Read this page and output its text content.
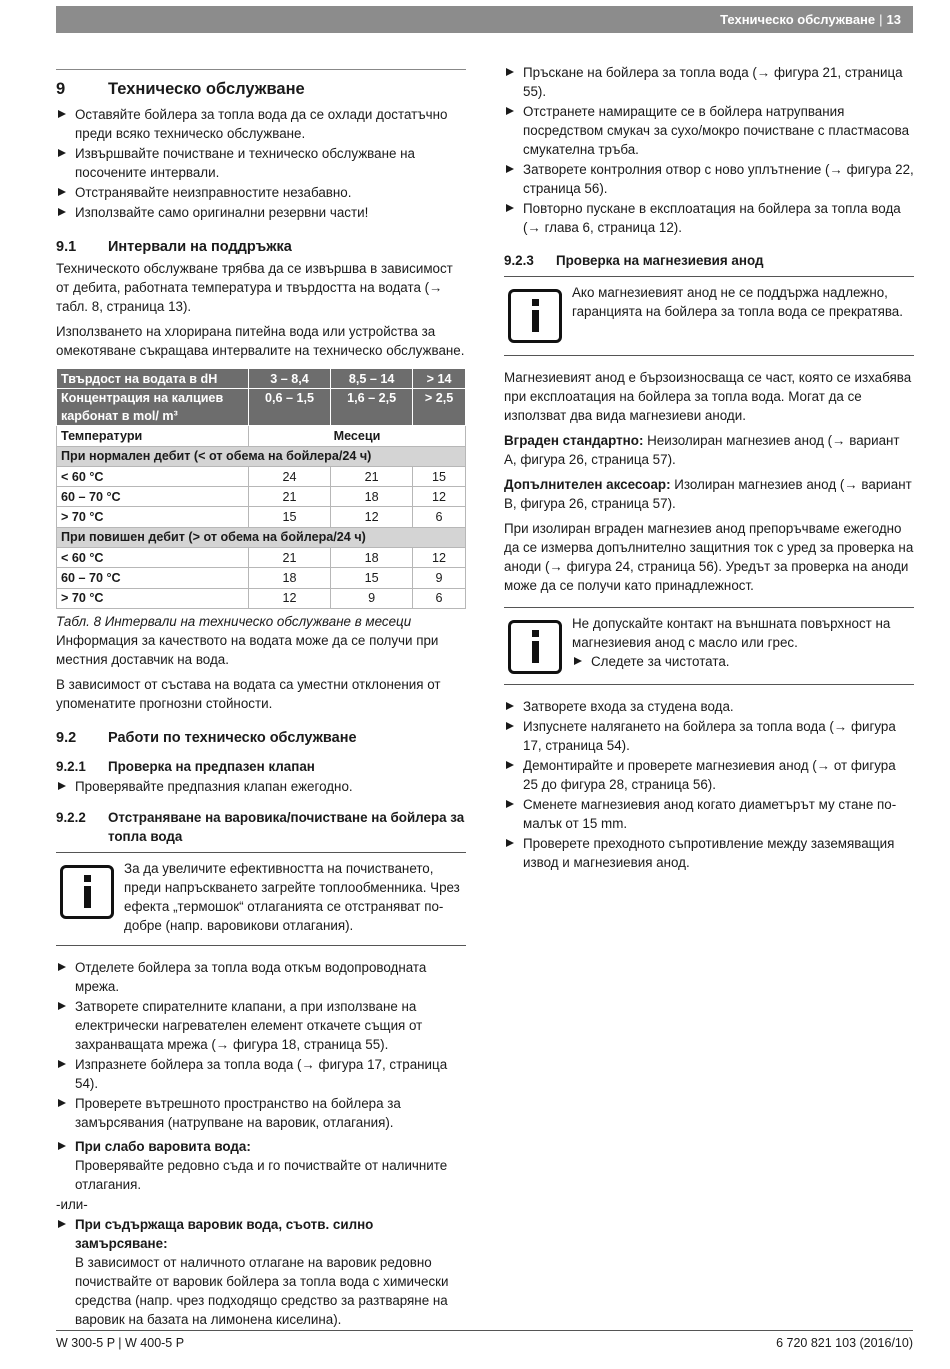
Техническо обслужване | 13
9	Техническо обслужване
Оставяйте бойлера за топла вода да се охлади достатъчно преди всяко техническо обслужване.
Извършвайте почистване и техническо обслужване на посочените интервали.
Отстранявайте неизправностите незабавно.
Използвайте само оригинални резервни части!
9.1	Интервали на поддръжка

Техническото обслужване трябва да се извършва в зависимост от дебита, работната температура и твърдостта на водата (→ табл. 8, страница 13).

Използването на хлорирана питейна вода или устройства за омекотяване съкращава интервалите на техническо обслужване.

Твърдост на водата в dH	3 – 8,4	8,5 – 14	> 14
Концентрация на калциев карбонат в mol/ m³	0,6 – 1,5	1,6 – 2,5	> 2,5
Температури	Месеци		
При нормален дебит (< от обема на бойлера/24 ч)			
< 60 °C	24	21	15
60 – 70 °C	21	18	12
> 70 °C	15	12	6
При повишен дебит (> от обема на бойлера/24 ч)			
< 60 °C	21	18	12
60 – 70 °C	18	15	9
> 70 °C	12	9	6

Табл. 8 Интервали на техническо обслужване в месеци

Информация за качеството на водата може да се получи при местния доставчик на вода.

В зависимост от състава на водата са уместни отклонения от упоменатите прогнозни стойности.

9.2	Работи по техническо обслужване
9.2.1	Проверка на предпазен клапан
Проверявайте предпазния клапан ежегодно.
9.2.2	Отстраняване на варовика/почистване на бойлера за топла вода
За да увеличите ефективността на почистването, преди напръскването загрейте топлообменника. Чрез ефекта „термошок“ отлаганията се отстраняват по-добре (напр. варовикови отлагания).
Отделете бойлера за топла вода откъм водопроводната мрежа.
Затворете спирателните клапани, а при използване на електрически нагревателен елемент откачете същия от захранващата мрежа (→ фигура 18, страница 55).
Изпразнете бойлера за топла вода (→ фигура 17, страница 54).
Проверете вътрешното пространство на бойлера за замърсявания (натрупване на варовик, отлагания).
При слабо варовита вода:
Проверявайте редовно съда и го почиствайте от наличните отлагания.

-или-

При съдържаща варовик вода, съотв. силно замърсяване:
В зависимост от наличното отлагане на варовик редовно почиствайте от варовик бойлера за топла вода с химически средства (напр. чрез подходящо средство за разтваряне на варовик на базата на лимонена киселина).
Пръскане на бойлера за топла вода (→ фигура 21, страница 55).
Отстранете намиращите се в бойлера натрупвания посредством смукач за сухо/мокро почистване с пластмасова смукателна тръба.
Затворете контролния отвор с ново уплътнение (→ фигура 22, страница 56).
Повторно пускане в експлоатация на бойлера за топла вода (→ глава 6, страница 12).
9.2.3	Проверка на магнезиевия анод
Ако магнезиевият анод не се поддържа надлежно, гаранцията на бойлера за топла вода се прекратява.

Магнезиевият анод е бързоизносваща се част, която се изхабява при експлоатация на бойлера за топла вода. Могат да се използват два вида магнезиеви аноди.

Вграден стандартно: Неизолиран магнезиев анод (→ вариант A, фигура 26, страница 57).

Допълнителен аксесоар: Изолиран магнезиев анод (→ вариант B, фигура 26, страница 57).

При изолиран вграден магнезиев анод препоръчваме ежегодно да се измерва допълнително защитния ток с уред за проверка на аноди (→ фигура 24, страница 56). Уредът за проверка на аноди може да се получи като принадлежност.

Не допускайте контакт на външната повърхност на магнезиевия анод с масло или грес.
Следете за чистотата.
Затворете входа за студена вода.
Изпуснете налягането на бойлера за топла вода (→ фигура 17, страница 54).
Демонтирайте и проверете магнезиевия анод (→ от фигура 25 до фигура 28, страница 56).
Сменете магнезиевия анод когато диаметърът му стане по-малък от 15 mm.
Проверете преходното съпротивление между заземяващия извод и магнезиевия анод.
W 300-5 P | W 400-5 P	6 720 821 103 (2016/10)
